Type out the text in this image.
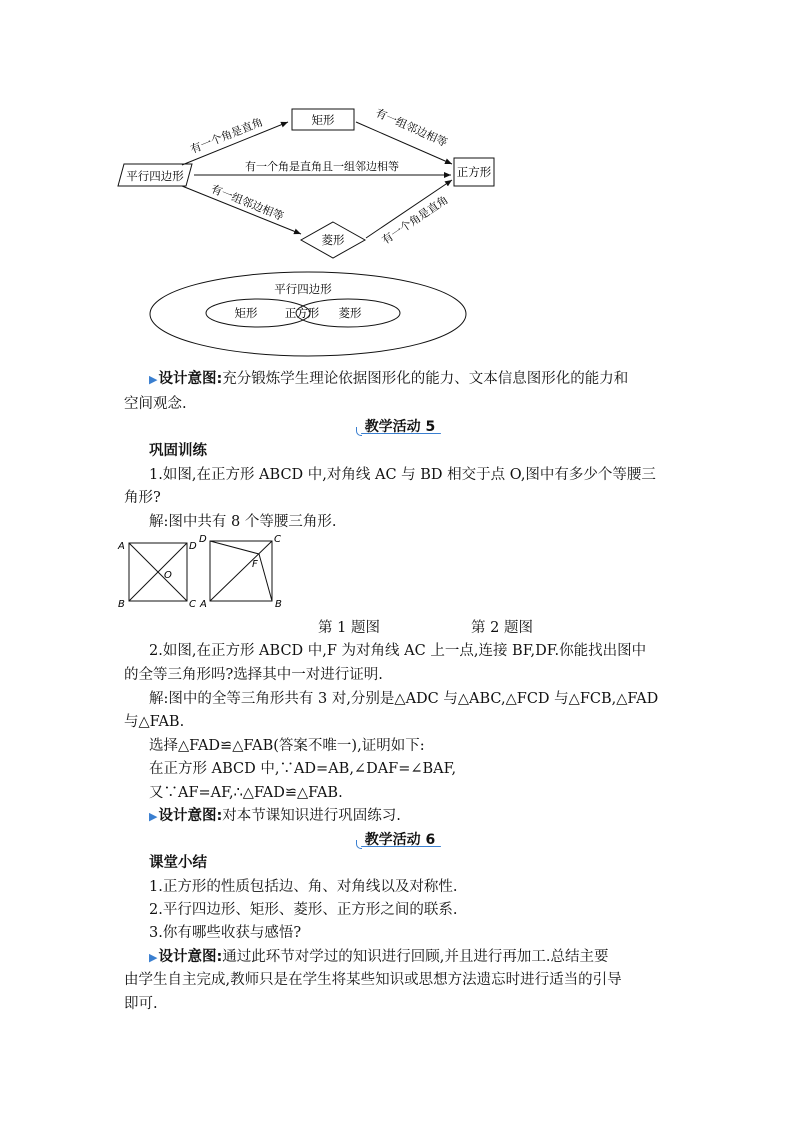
平行四边形
矩形
正方形
菱形
有一个角是直角	有一组邻边相等
有一个角是直角且一组邻边相等
有一组邻边相等	有一个角是直角
平行四边形
矩形 正方形 菱形
▶设计意图:充分锻炼学生理论依据图形化的能力、文本信息图形化的能力和
空间观念.
教学活动 5
巩固训练
1.如图,在正方形 ABCD 中,对角线 AC 与 BD 相交于点 O,图中有多少个等腰三
角形?
解:图中共有 8 个等腰三角形.
A	D
B	C
O
D	C
A	B
F
第 1 题图	第 2 题图
2.如图,在正方形 ABCD 中,F 为对角线 AC 上一点,连接 BF,DF.你能找出图中
的全等三角形吗?选择其中一对进行证明.
解:图中的全等三角形共有 3 对,分别是△ADC 与△ABC,△FCD 与△FCB,△FAD
与△FAB.
选择△FAD≌△FAB(答案不唯一),证明如下:
在正方形 ABCD 中,∵AD=AB,∠DAF=∠BAF,
又∵AF=AF,∴△FAD≌△FAB.
▶设计意图:对本节课知识进行巩固练习.
教学活动 6
课堂小结
1.正方形的性质包括边、角、对角线以及对称性.
2.平行四边形、矩形、菱形、正方形之间的联系.
3.你有哪些收获与感悟?
▶设计意图:通过此环节对学过的知识进行回顾,并且进行再加工.总结主要
由学生自主完成,教师只是在学生将某些知识或思想方法遗忘时进行适当的引导
即可.
